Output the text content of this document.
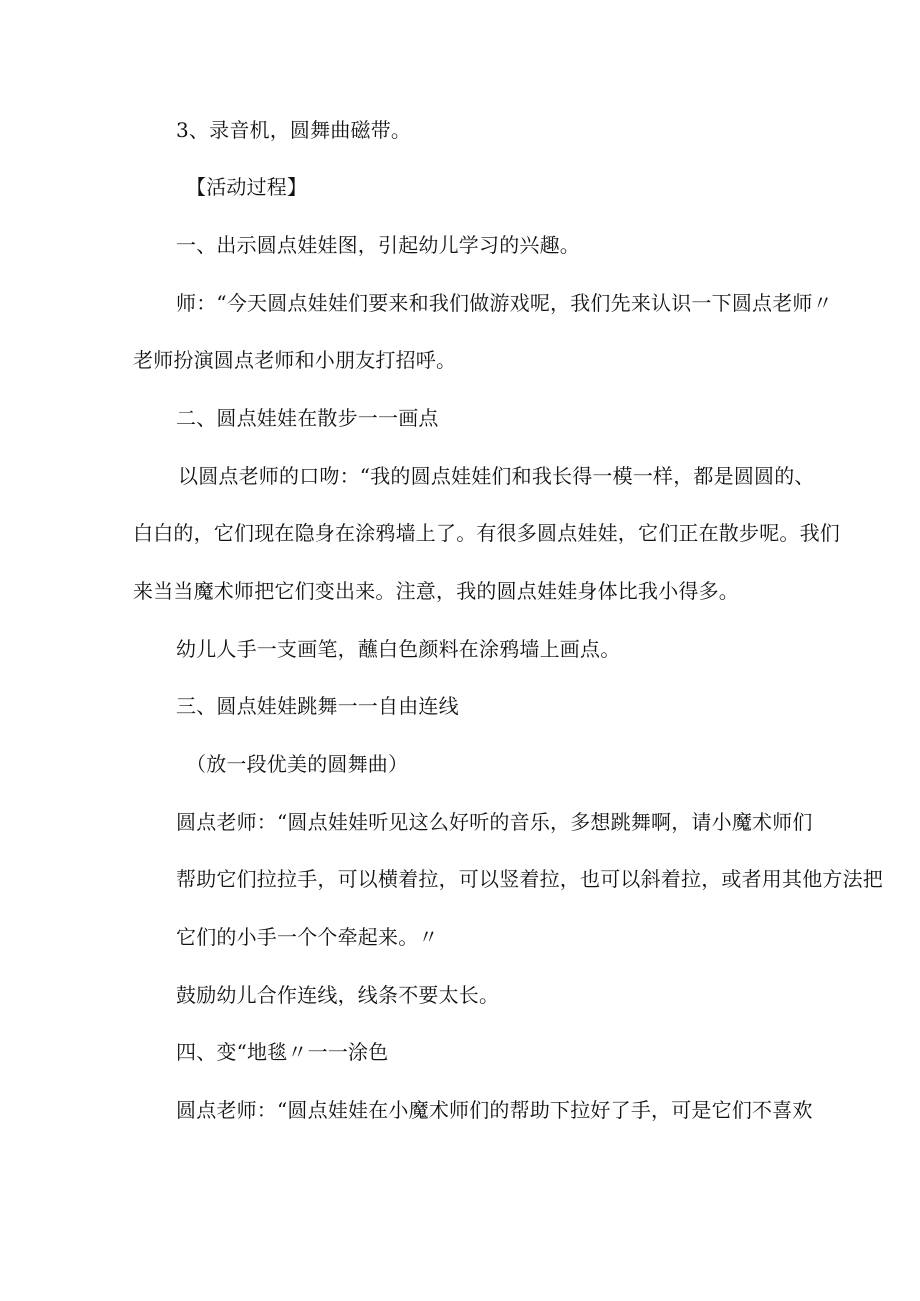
3、录音机，圆舞曲磁带。

【活动过程】

一、出示圆点娃娃图，引起幼儿学习的兴趣。

师：“今天圆点娃娃们要来和我们做游戏呢，我们先来认识一下圆点老师〃

老师扮演圆点老师和小朋友打招呼。

二、圆点娃娃在散步一一画点

以圆点老师的口吻：“我的圆点娃娃们和我长得一模一样，都是圆圆的、

白白的，它们现在隐身在涂鸦墙上了。有很多圆点娃娃，它们正在散步呢。我们

来当当魔术师把它们变出来。注意，我的圆点娃娃身体比我小得多。

幼儿人手一支画笔，蘸白色颜料在涂鸦墙上画点。

三、圆点娃娃跳舞一一自由连线

（放一段优美的圆舞曲）

圆点老师：“圆点娃娃听见这么好听的音乐，多想跳舞啊，请小魔术师们

帮助它们拉拉手，可以横着拉，可以竖着拉，也可以斜着拉，或者用其他方法把

它们的小手一个个牵起来。〃

鼓励幼儿合作连线，线条不要太长。

四、变“地毯〃一一涂色

圆点老师：“圆点娃娃在小魔术师们的帮助下拉好了手，可是它们不喜欢
